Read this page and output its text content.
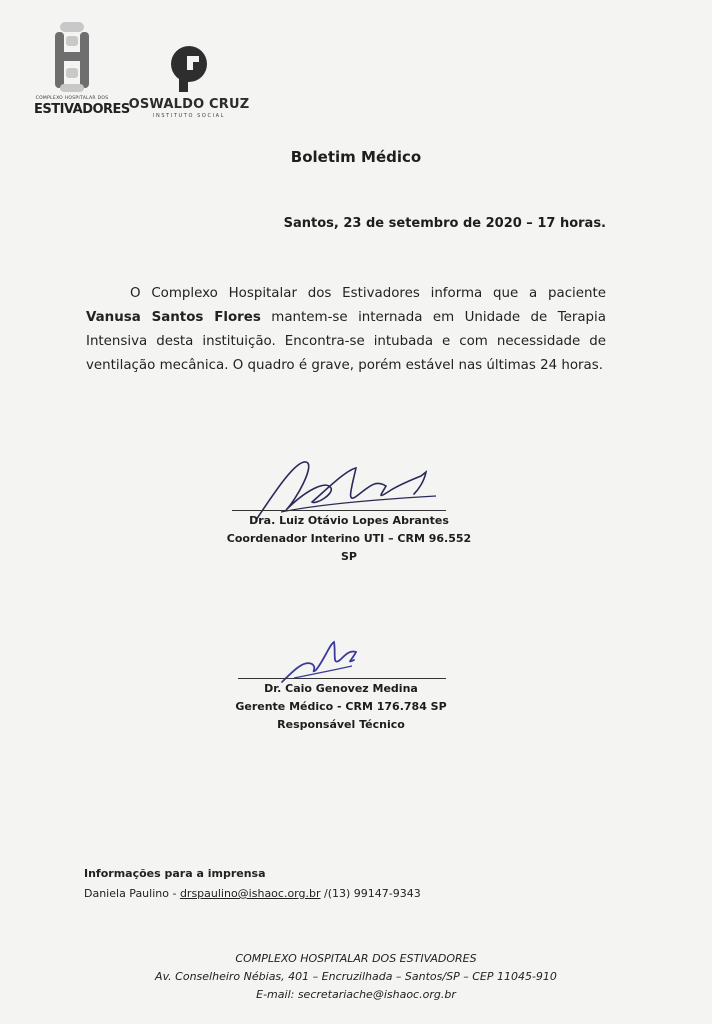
COMPLEXO HOSPITALAR DOS
ESTIVADORES
OSWALDO CRUZ
INSTITUTO SOCIAL
Boletim Médico
Santos, 23 de setembro de 2020 – 17 horas.
O Complexo Hospitalar dos Estivadores informa que a paciente Vanusa Santos Flores mantem-se internada em Unidade de Terapia Intensiva desta instituição. Encontra-se intubada e com necessidade de ventilação mecânica. O quadro é grave, porém estável nas últimas 24 horas.
Dra. Luiz Otávio Lopes Abrantes
Coordenador Interino UTI – CRM 96.552 SP
Dr. Caio Genovez Medina
Gerente Médico - CRM 176.784 SP
Responsável Técnico
Informações para a imprensa
Daniela Paulino - drspaulino@ishaoc.org.br /(13) 99147-9343
COMPLEXO HOSPITALAR DOS ESTIVADORES
Av. Conselheiro Nébias, 401 – Encruzilhada – Santos/SP – CEP 11045-910
E-mail: secretariache@ishaoc.org.br
